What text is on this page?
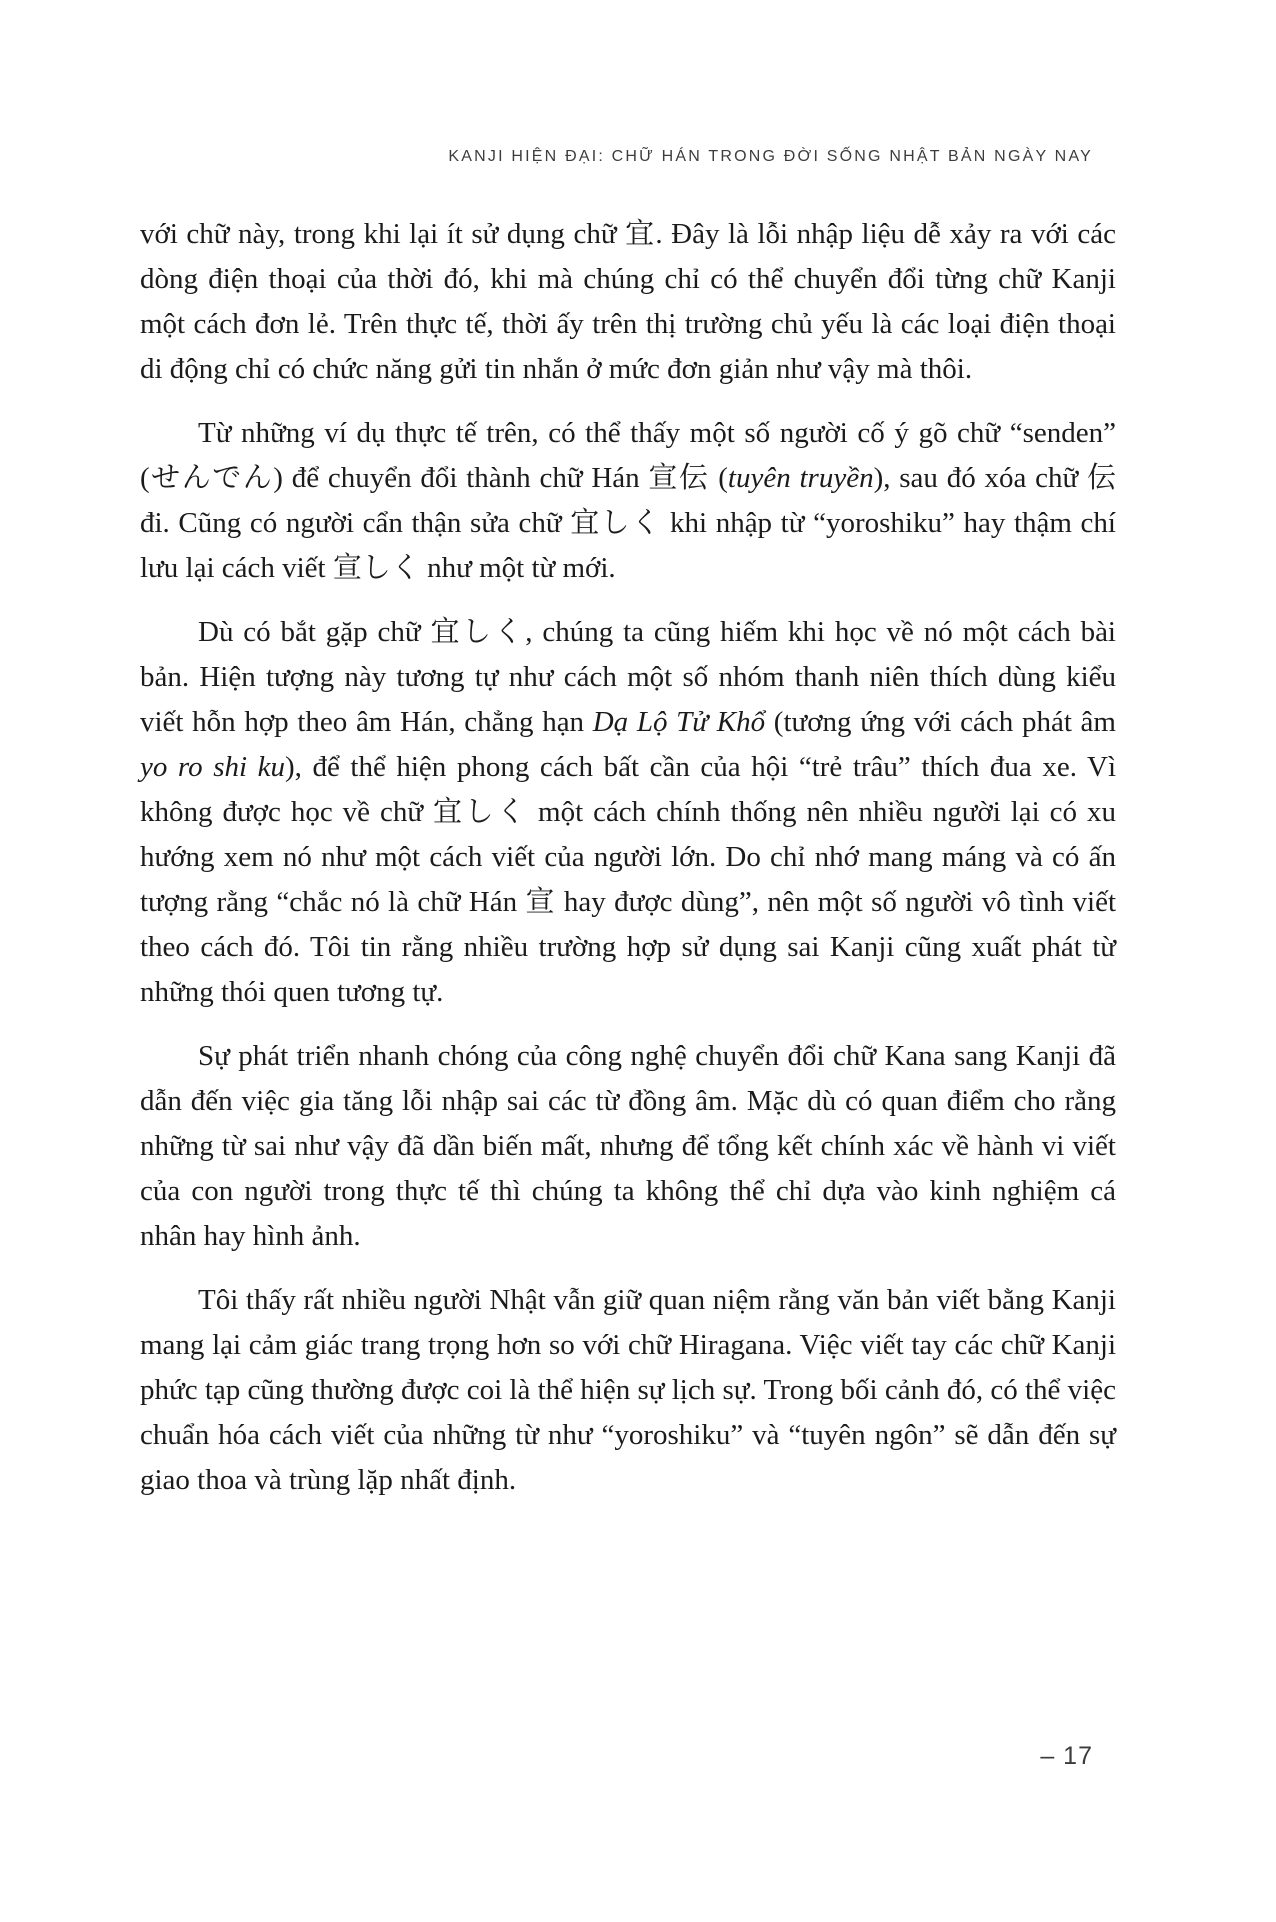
KANJI HIỆN ĐẠI: CHỮ HÁN TRONG ĐỜI SỐNG NHẬT BẢN NGÀY NAY

với chữ này, trong khi lại ít sử dụng chữ 宜. Đây là lỗi nhập liệu dễ xảy ra với các dòng điện thoại của thời đó, khi mà chúng chỉ có thể chuyển đổi từng chữ Kanji một cách đơn lẻ. Trên thực tế, thời ấy trên thị trường chủ yếu là các loại điện thoại di động chỉ có chức năng gửi tin nhắn ở mức đơn giản như vậy mà thôi.

Từ những ví dụ thực tế trên, có thể thấy một số người cố ý gõ chữ “senden” (せんでん) để chuyển đổi thành chữ Hán 宣伝 (tuyên truyền), sau đó xóa chữ 伝 đi. Cũng có người cẩn thận sửa chữ 宜しく khi nhập từ “yoroshiku” hay thậm chí lưu lại cách viết 宣しく như một từ mới.

Dù có bắt gặp chữ 宜しく, chúng ta cũng hiếm khi học về nó một cách bài bản. Hiện tượng này tương tự như cách một số nhóm thanh niên thích dùng kiểu viết hỗn hợp theo âm Hán, chẳng hạn Dạ Lộ Tử Khổ (tương ứng với cách phát âm yo ro shi ku), để thể hiện phong cách bất cần của hội “trẻ trâu” thích đua xe. Vì không được học về chữ 宜しく một cách chính thống nên nhiều người lại có xu hướng xem nó như một cách viết của người lớn. Do chỉ nhớ mang máng và có ấn tượng rằng “chắc nó là chữ Hán 宣 hay được dùng”, nên một số người vô tình viết theo cách đó. Tôi tin rằng nhiều trường hợp sử dụng sai Kanji cũng xuất phát từ những thói quen tương tự.

Sự phát triển nhanh chóng của công nghệ chuyển đổi chữ Kana sang Kanji đã dẫn đến việc gia tăng lỗi nhập sai các từ đồng âm. Mặc dù có quan điểm cho rằng những từ sai như vậy đã dần biến mất, nhưng để tổng kết chính xác về hành vi viết của con người trong thực tế thì chúng ta không thể chỉ dựa vào kinh nghiệm cá nhân hay hình ảnh.

Tôi thấy rất nhiều người Nhật vẫn giữ quan niệm rằng văn bản viết bằng Kanji mang lại cảm giác trang trọng hơn so với chữ Hiragana. Việc viết tay các chữ Kanji phức tạp cũng thường được coi là thể hiện sự lịch sự. Trong bối cảnh đó, có thể việc chuẩn hóa cách viết của những từ như “yoroshiku” và “tuyên ngôn” sẽ dẫn đến sự giao thoa và trùng lặp nhất định.

– 17
